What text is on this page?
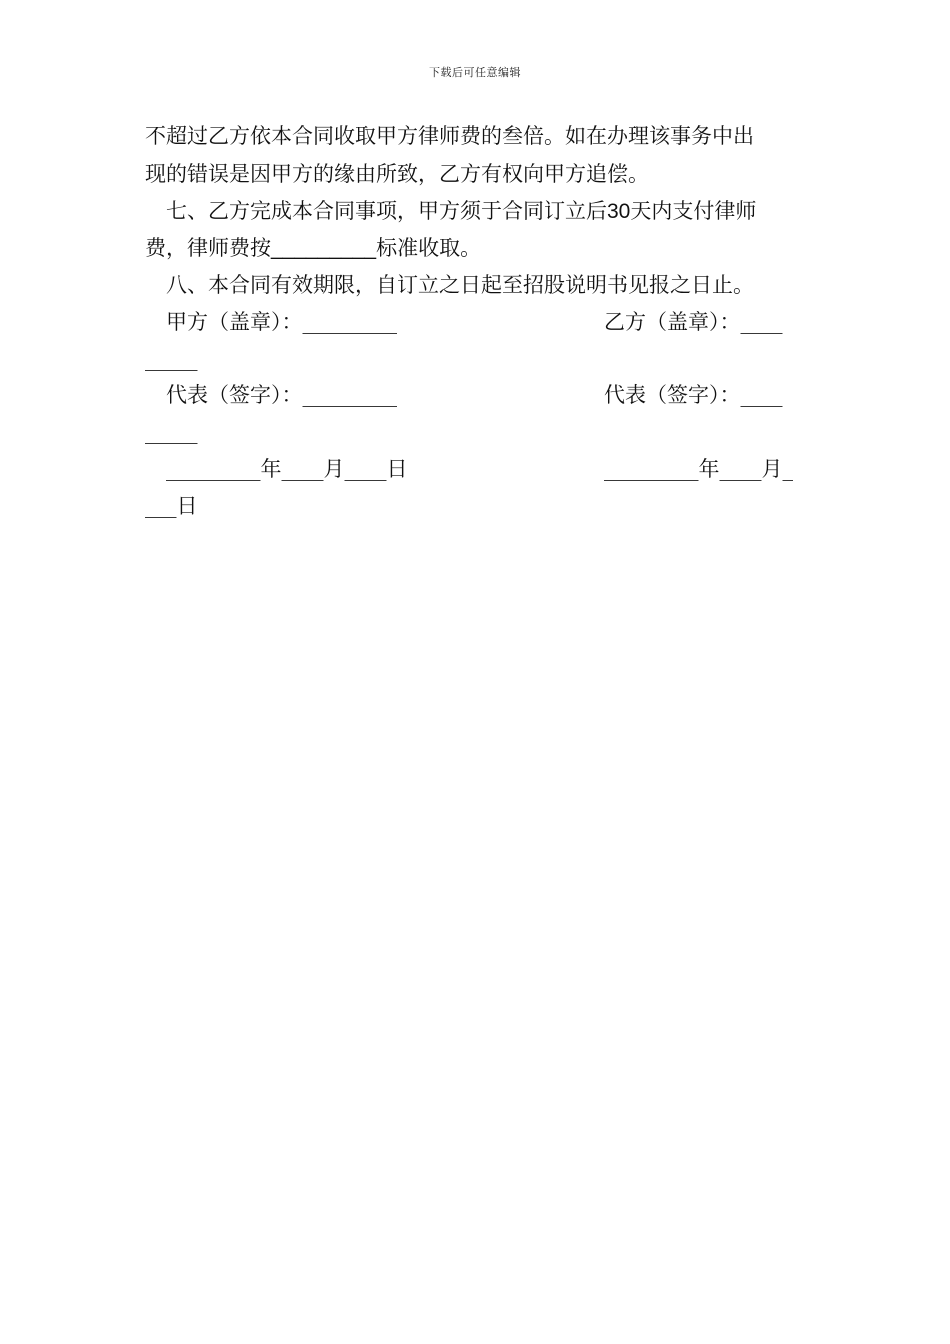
下载后可任意编辑
不超过乙方依本合同收取甲方律师费的叁倍。如在办理该事务中出
现的错误是因甲方的缘由所致，乙方有权向甲方追偿。
七、乙方完成本合同事项，甲方须于合同订立后30天内支付律师
费，律师费按_________标准收取。
八、本合同有效期限，自订立之日起至招股说明书见报之日止。
甲方（盖章）：_________	乙方（盖章）：____
_____
代表（签字）：_________	代表（签字）：____
_____
_________年____月____日	_________年____月_
___日
